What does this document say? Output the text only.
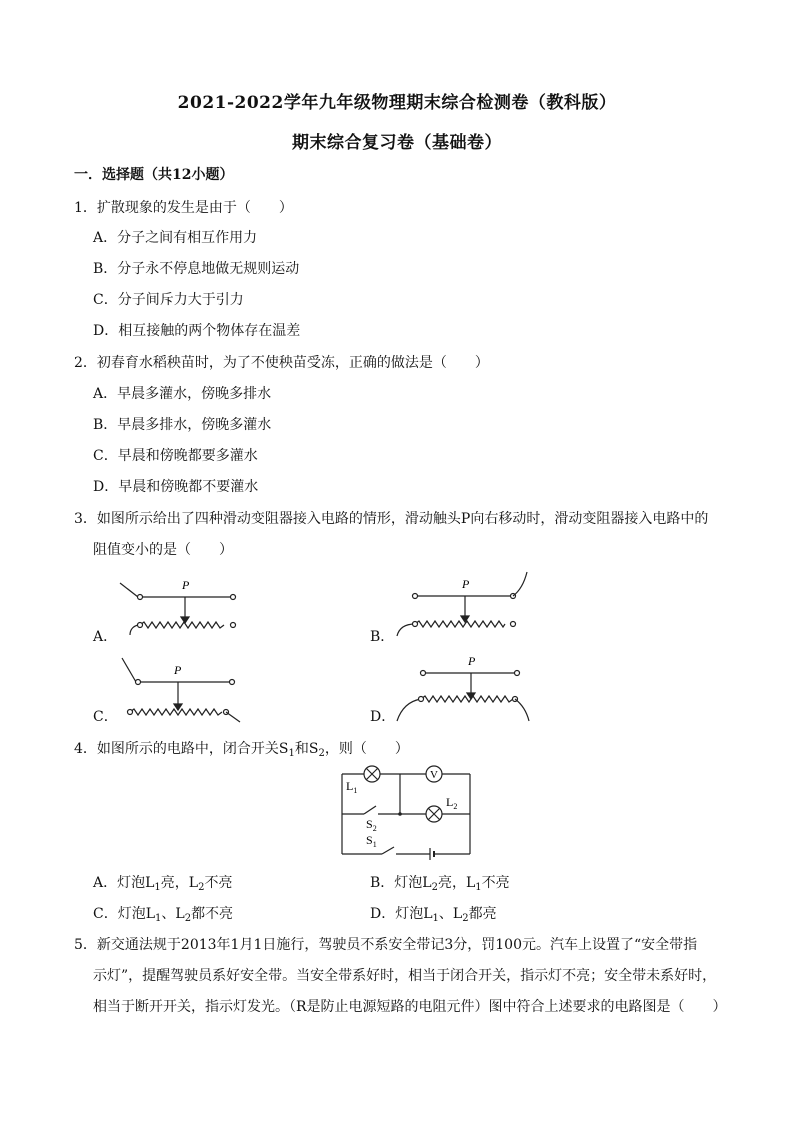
2021-2022学年九年级物理期末综合检测卷（教科版）
期末综合复习卷（基础卷）
一．选择题（共12小题）
1．扩散现象的发生是由于（　　）
A．分子之间有相互作用力
B．分子永不停息地做无规则运动
C．分子间斥力大于引力
D．相互接触的两个物体存在温差
2．初春育水稻秧苗时，为了不使秧苗受冻，正确的做法是（　　）
A．早晨多灌水，傍晚多排水
B．早晨多排水，傍晚多灌水
C．早晨和傍晚都要多灌水
D．早晨和傍晚都不要灌水
3．如图所示给出了四种滑动变阻器接入电路的情形，滑动触头P向右移动时，滑动变阻器接入电路中的
阻值变小的是（　　）
A．
P
B．
P
C．
P
D．
P
4．如图所示的电路中，闭合开关$S_1$和$S_2$，则（　　）
V
$L_1$
$L_2$
$S_2$
$S_1$
A．灯泡$L_1$亮，$L_2$不亮	B．灯泡$L_2$亮，$L_1$不亮
C．灯泡$L_1$、$L_2$都不亮	D．灯泡$L_1$、$L_2$都亮
5．新交通法规于2013年1月1日施行，驾驶员不系安全带记3分，罚100元。汽车上设置了“安全带指
示灯”，提醒驾驶员系好安全带。当安全带系好时，相当于闭合开关，指示灯不亮；安全带未系好时，
相当于断开开关，指示灯发光。（R是防止电源短路的电阻元件）图中符合上述要求的电路图是（　　）
